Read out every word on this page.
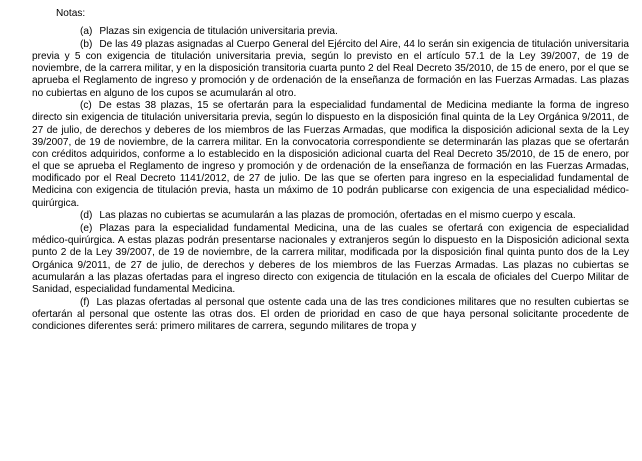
Notas:

(a) Plazas sin exigencia de titulación universitaria previa.

(b) De las 49 plazas asignadas al Cuerpo General del Ejército del Aire, 44 lo serán sin exigencia de titulación universitaria previa y 5 con exigencia de titulación universitaria previa, según lo previsto en el artículo 57.1 de la Ley 39/2007, de 19 de noviembre, de la carrera militar, y en la disposición transitoria cuarta punto 2 del Real Decreto 35/2010, de 15 de enero, por el que se aprueba el Reglamento de ingreso y promoción y de ordenación de la enseñanza de formación en las Fuerzas Armadas. Las plazas no cubiertas en alguno de los cupos se acumularán al otro.

(c) De estas 38 plazas, 15 se ofertarán para la especialidad fundamental de Medicina mediante la forma de ingreso directo sin exigencia de titulación universitaria previa, según lo dispuesto en la disposición final quinta de la Ley Orgánica 9/2011, de 27 de julio, de derechos y deberes de los miembros de las Fuerzas Armadas, que modifica la disposición adicional sexta de la Ley 39/2007, de 19 de noviembre, de la carrera militar. En la convocatoria correspondiente se determinarán las plazas que se ofertarán con créditos adquiridos, conforme a lo establecido en la disposición adicional cuarta del Real Decreto 35/2010, de 15 de enero, por el que se aprueba el Reglamento de ingreso y promoción y de ordenación de la enseñanza de formación en las Fuerzas Armadas, modificado por el Real Decreto 1141/2012, de 27 de julio. De las que se oferten para ingreso en la especialidad fundamental de Medicina con exigencia de titulación previa, hasta un máximo de 10 podrán publicarse con exigencia de una especialidad médico-quirúrgica.

(d) Las plazas no cubiertas se acumularán a las plazas de promoción, ofertadas en el mismo cuerpo y escala.

(e) Plazas para la especialidad fundamental Medicina, una de las cuales se ofertará con exigencia de especialidad médico-quirúrgica. A estas plazas podrán presentarse nacionales y extranjeros según lo dispuesto en la Disposición adicional sexta punto 2 de la Ley 39/2007, de 19 de noviembre, de la carrera militar, modificada por la disposición final quinta punto dos de la Ley Orgánica 9/2011, de 27 de julio, de derechos y deberes de los miembros de las Fuerzas Armadas. Las plazas no cubiertas se acumularán a las plazas ofertadas para el ingreso directo con exigencia de titulación en la escala de oficiales del Cuerpo Militar de Sanidad, especialidad fundamental Medicina.

(f) Las plazas ofertadas al personal que ostente cada una de las tres condiciones militares que no resulten cubiertas se ofertarán al personal que ostente las otras dos. El orden de prioridad en caso de que haya personal solicitante procedente de condiciones diferentes será: primero militares de carrera, segundo militares de tropa y
